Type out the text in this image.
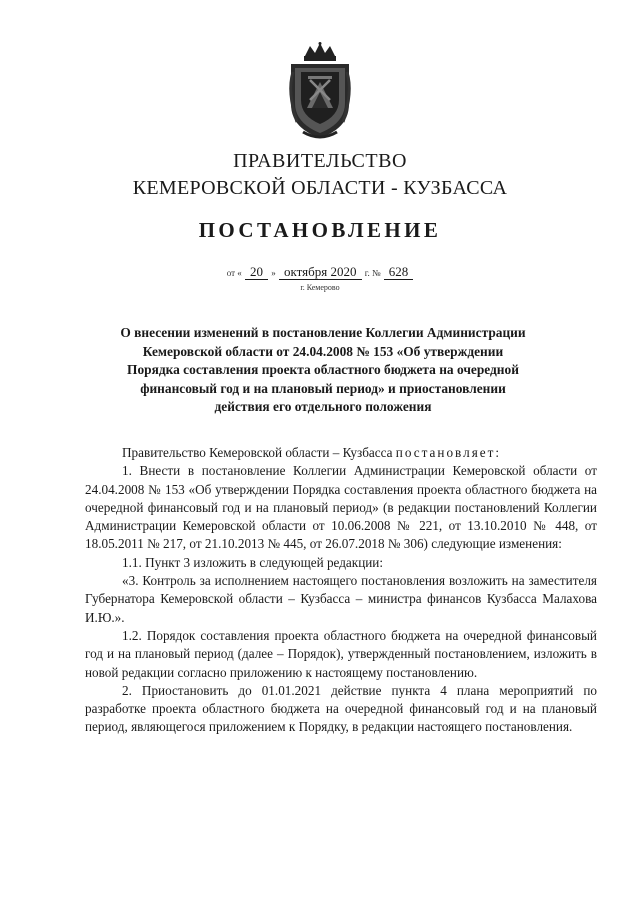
ПРАВИТЕЛЬСТВО
КЕМЕРОВСКОЙ ОБЛАСТИ - КУЗБАССА
ПОСТАНОВЛЕНИЕ
от « 20 » октября 2020 г. № 628
г. Кемерово
О внесении изменений в постановление Коллегии Администрации Кемеровской области от 24.04.2008 № 153 «Об утверждении Порядка составления проекта областного бюджета на очередной финансовый год и на плановый период» и приостановлении действия его отдельного положения

Правительство Кемеровской области – Кузбасса постановляет:

1. Внести в постановление Коллегии Администрации Кемеровской области от 24.04.2008 № 153 «Об утверждении Порядка составления проекта областного бюджета на очередной финансовый год и на плановый период» (в редакции постановлений Коллегии Администрации Кемеровской области от 10.06.2008 № 221, от 13.10.2010 № 448, от 18.05.2011 № 217, от 21.10.2013 № 445, от 26.07.2018 № 306) следующие изменения:

1.1. Пункт 3 изложить в следующей редакции:

«3. Контроль за исполнением настоящего постановления возложить на заместителя Губернатора Кемеровской области – Кузбасса – министра финансов Кузбасса Малахова И.Ю.».

1.2. Порядок составления проекта областного бюджета на очередной финансовый год и на плановый период (далее – Порядок), утвержденный постановлением, изложить в новой редакции согласно приложению к настоящему постановлению.

2. Приостановить до 01.01.2021 действие пункта 4 плана мероприятий по разработке проекта областного бюджета на очередной финансовый год и на плановый период, являющегося приложением к Порядку, в редакции настоящего постановления.
